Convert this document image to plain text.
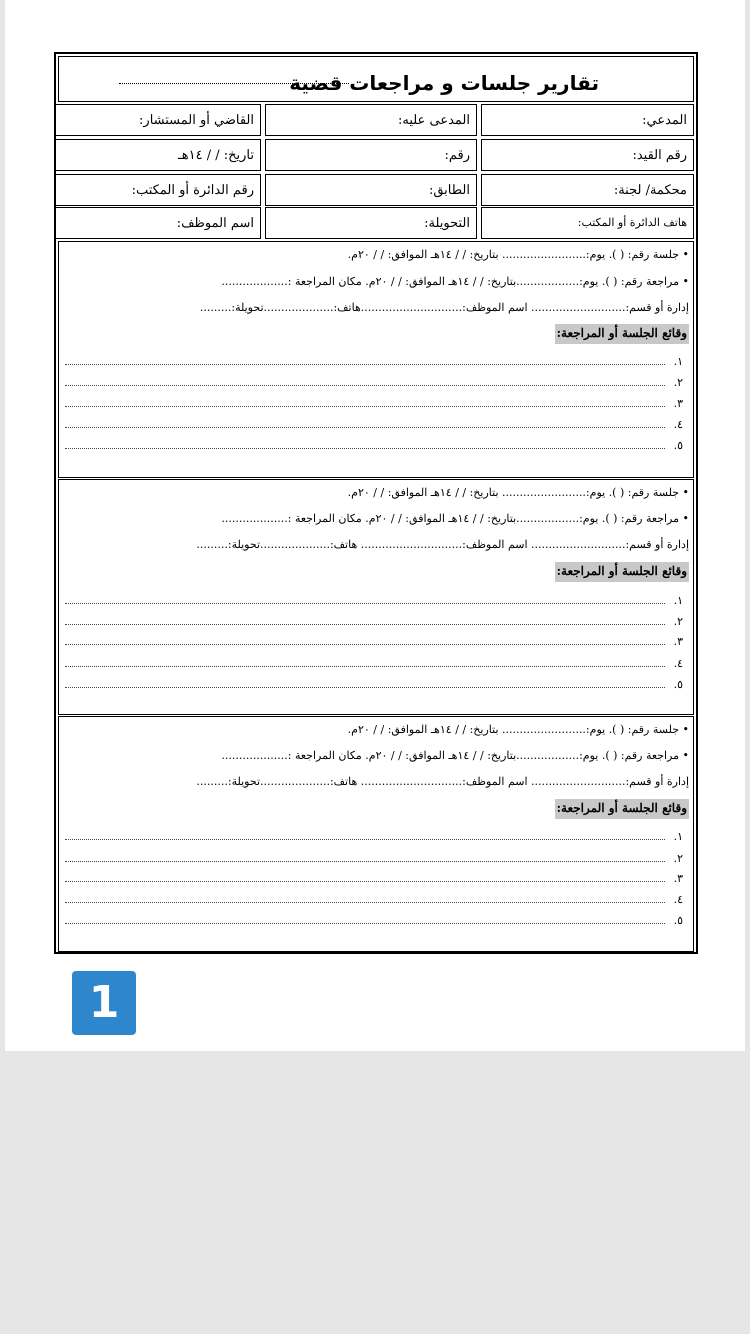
تقارير جلسات و مراجعات قضية
المدعي:
المدعى عليه:
القاضي أو المستشار:
رقم القيد:
رقم:
تاريخ: / / ١٤هـ
محكمة/ لجنة:
الطابق:
رقم الدائرة أو المكتب:
هاتف الدائرة أو المكتب:
التحويلة:
اسم الموظف:
• جلسة رقم: ( ). يوم:........................ بتاريخ: / / ١٤هـ الموافق: / / ٢٠م.
• مراجعة رقم: ( ). يوم:..................بتاريخ: / / ١٤هـ الموافق: / / ٢٠م. مكان المراجعة :...................
إدارة أو قسم:........................... اسم الموظف:.............................هاتف:....................تحويلة:.........
وقائع الجلسة أو المراجعة:
١.
٢.
٣.
٤.
٥.
• جلسة رقم: ( ). يوم:........................ بتاريخ: / / ١٤هـ الموافق: / / ٢٠م.
• مراجعة رقم: ( ). يوم:..................بتاريخ: / / ١٤هـ الموافق: / / ٢٠م. مكان المراجعة :...................
إدارة أو قسم:........................... اسم الموظف:............................. هاتف:....................تحويلة:.........
وقائع الجلسة أو المراجعة:
١.
٢.
٣.
٤.
٥.
• جلسة رقم: ( ). يوم:........................ بتاريخ: / / ١٤هـ الموافق: / / ٢٠م.
• مراجعة رقم: ( ). يوم:..................بتاريخ: / / ١٤هـ الموافق: / / ٢٠م. مكان المراجعة :...................
إدارة أو قسم:........................... اسم الموظف:............................. هاتف:....................تحويلة:.........
وقائع الجلسة أو المراجعة:
١.
٢.
٣.
٤.
٥.
1
